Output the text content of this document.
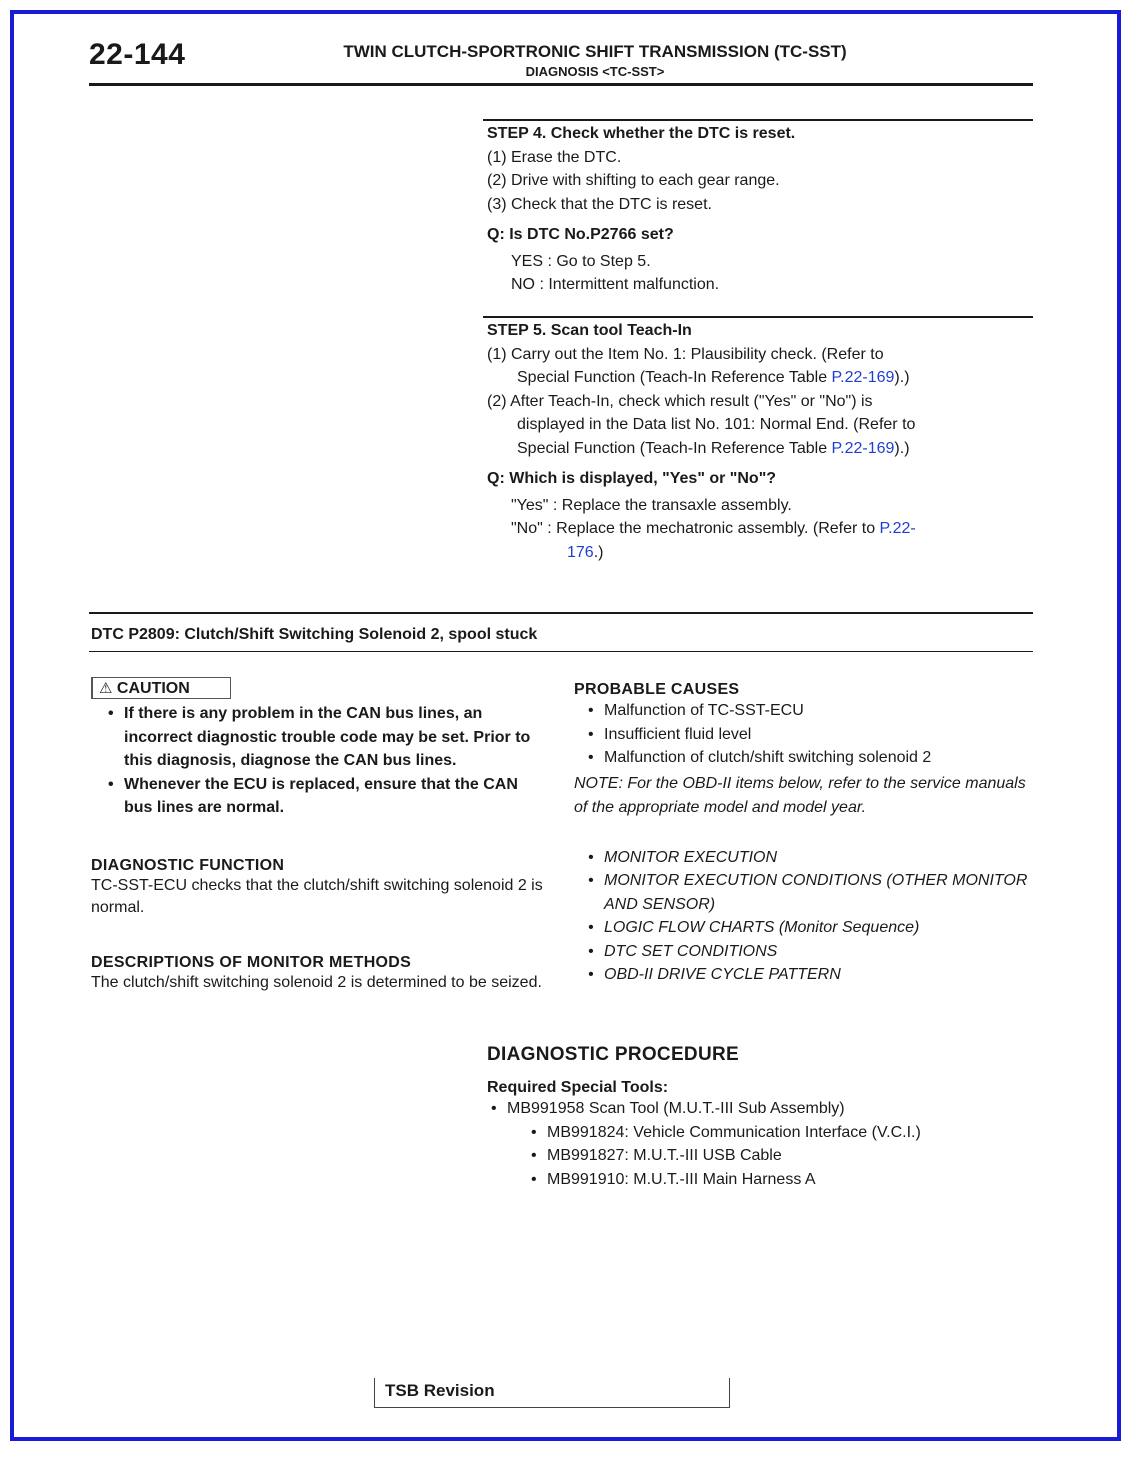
22-144	TWIN CLUTCH-SPORTRONIC SHIFT TRANSMISSION (TC-SST)
DIAGNOSIS <TC-SST>
STEP 4. Check whether the DTC is reset.
(1) Erase the DTC.
(2) Drive with shifting to each gear range.
(3) Check that the DTC is reset.
Q: Is DTC No.P2766 set?
YES : Go to Step 5.
NO : Intermittent malfunction.
STEP 5. Scan tool Teach-In
(1) Carry out the Item No. 1: Plausibility check. (Refer to
Special Function (Teach-In Reference Table P.22-169).)
(2) After Teach-In, check which result ("Yes" or "No") is
displayed in the Data list No. 101: Normal End. (Refer to
Special Function (Teach-In Reference Table P.22-169).)
Q: Which is displayed, "Yes" or "No"?
"Yes" : Replace the transaxle assembly.
"No" : Replace the mechatronic assembly. (Refer to P.22-
176.)
DTC P2809: Clutch/Shift Switching Solenoid 2, spool stuck
⚠ CAUTION
• If there is any problem in the CAN bus lines, an incorrect diagnostic trouble code may be set. Prior to this diagnosis, diagnose the CAN bus lines.
• Whenever the ECU is replaced, ensure that the CAN bus lines are normal.
DIAGNOSTIC FUNCTION
TC-SST-ECU checks that the clutch/shift switching solenoid 2 is normal.
DESCRIPTIONS OF MONITOR METHODS
The clutch/shift switching solenoid 2 is determined to be seized.
PROBABLE CAUSES
• Malfunction of TC-SST-ECU
• Insufficient fluid level
• Malfunction of clutch/shift switching solenoid 2
NOTE: For the OBD-II items below, refer to the service manuals of the appropriate model and model year.
• MONITOR EXECUTION
• MONITOR EXECUTION CONDITIONS (OTHER MONITOR AND SENSOR)
• LOGIC FLOW CHARTS (Monitor Sequence)
• DTC SET CONDITIONS
• OBD-II DRIVE CYCLE PATTERN
DIAGNOSTIC PROCEDURE
Required Special Tools:
• MB991958 Scan Tool (M.U.T.-III Sub Assembly)
• MB991824: Vehicle Communication Interface (V.C.I.)
• MB991827: M.U.T.-III USB Cable
• MB991910: M.U.T.-III Main Harness A
TSB Revision
